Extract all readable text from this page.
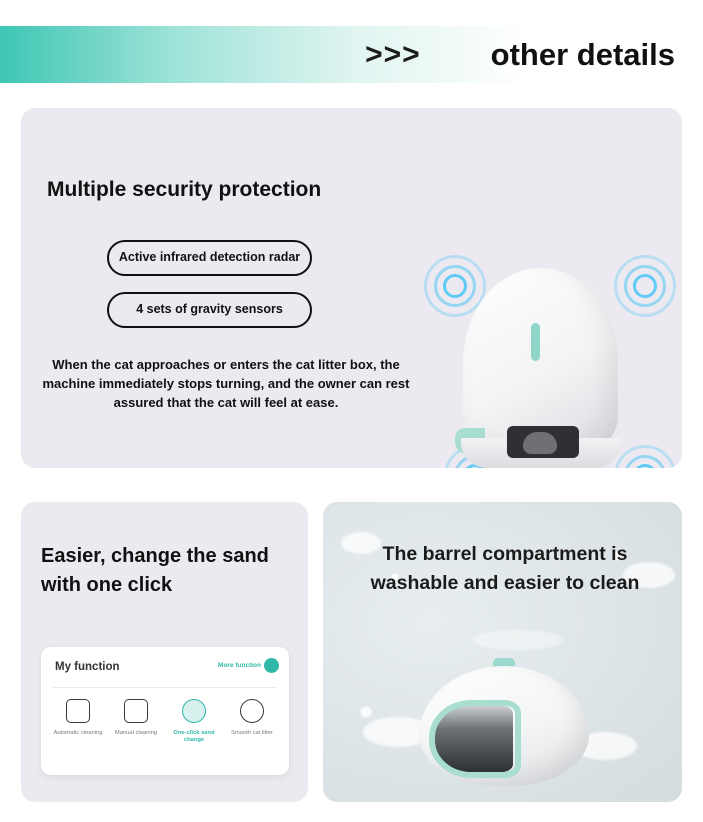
>>> other details
Multiple security protection
Active infrared detection radar
4 sets of gravity sensors
When the cat approaches or enters the cat litter box, the machine immediately stops turning, and the owner can rest assured that the cat will feel at ease.
Easier, change the sand with one click
My function	More function
Automatic cleaning	Manual cleaning	One-click sand change
Smooth cat litter
The barrel compartment is washable and easier to clean
